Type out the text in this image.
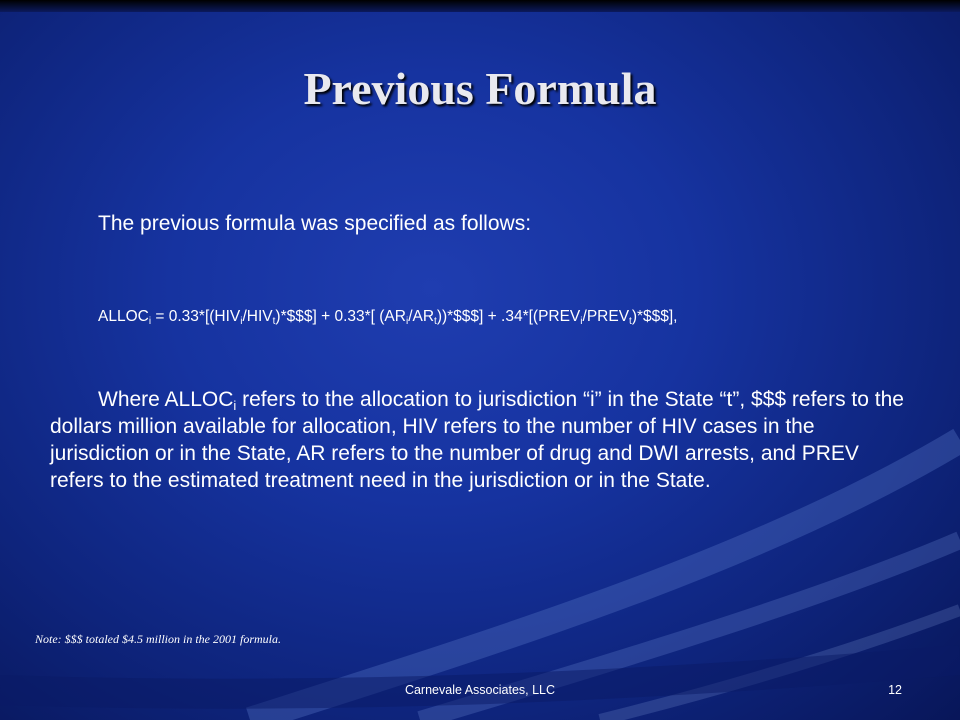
Previous Formula
The previous formula was specified as follows:
$ALLOC_i$ = $0.33*[(HIV_i/HIV_t)*\$\$\$] + 0.33*$[ $(AR_i/AR_t))*\$\$\$$] + $.34*[(PREV_i/PREV_t)*\$\$\$]$,
Where $ALLOC_i$ refers to the allocation to jurisdiction “i” in the State “t”, $$$ refers to the dollars million available for allocation, HIV refers to the number of HIV cases in the jurisdiction or in the State, AR refers to the number of drug and DWI arrests, and PREV refers to the estimated treatment need in the jurisdiction or in the State.
Note: $$$ totaled $4.5 million in the 2001 formula.
Carnevale Associates, LLC	12
